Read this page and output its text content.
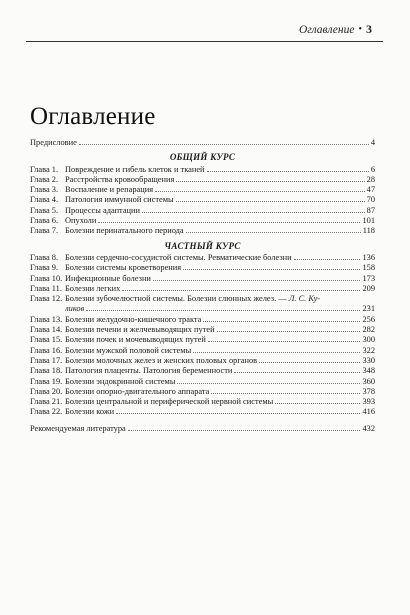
Оглавление • 3
Оглавление
Предисловие	4
ОБЩИЙ КУРС
Глава 1. Повреждение и гибель клеток и тканей	6
Глава 2. Расстройства кровообращения	28
Глава 3. Воспаление и репарация	47
Глава 4. Патология иммунной системы	70
Глава 5. Процессы адаптации	87
Глава 6. Опухоли	101
Глава 7. Болезни перинатального периода	118
ЧАСТНЫЙ КУРС
Глава 8. Болезни сердечно-сосудистой системы. Ревматические болезни	136
Глава 9. Болезни системы кроветворения	158
Глава 10. Инфекционные болезни	173
Глава 11. Болезни легких	209
Глава 12. Болезни зубочелюстной системы. Болезни слюнных желез. — Л. С. Ку-
ликов	231
Глава 13. Болезни желудочно-кишечного тракта	256
Глава 14. Болезни печени и желчевыводящих путей	282
Глава 15. Болезни почек и мочевыводящих путей	300
Глава 16. Болезни мужской половой системы	322
Глава 17. Болезни молочных желез и женских половых органов	330
Глава 18. Патология плаценты. Патология беременности	348
Глава 19. Болезни эндокринной системы	360
Глава 20. Болезни опорно-двигательного аппарата	378
Глава 21. Болезни центральной и периферической нервной системы	393
Глава 22. Болезни кожи	416
Рекомендуемая литература	432
